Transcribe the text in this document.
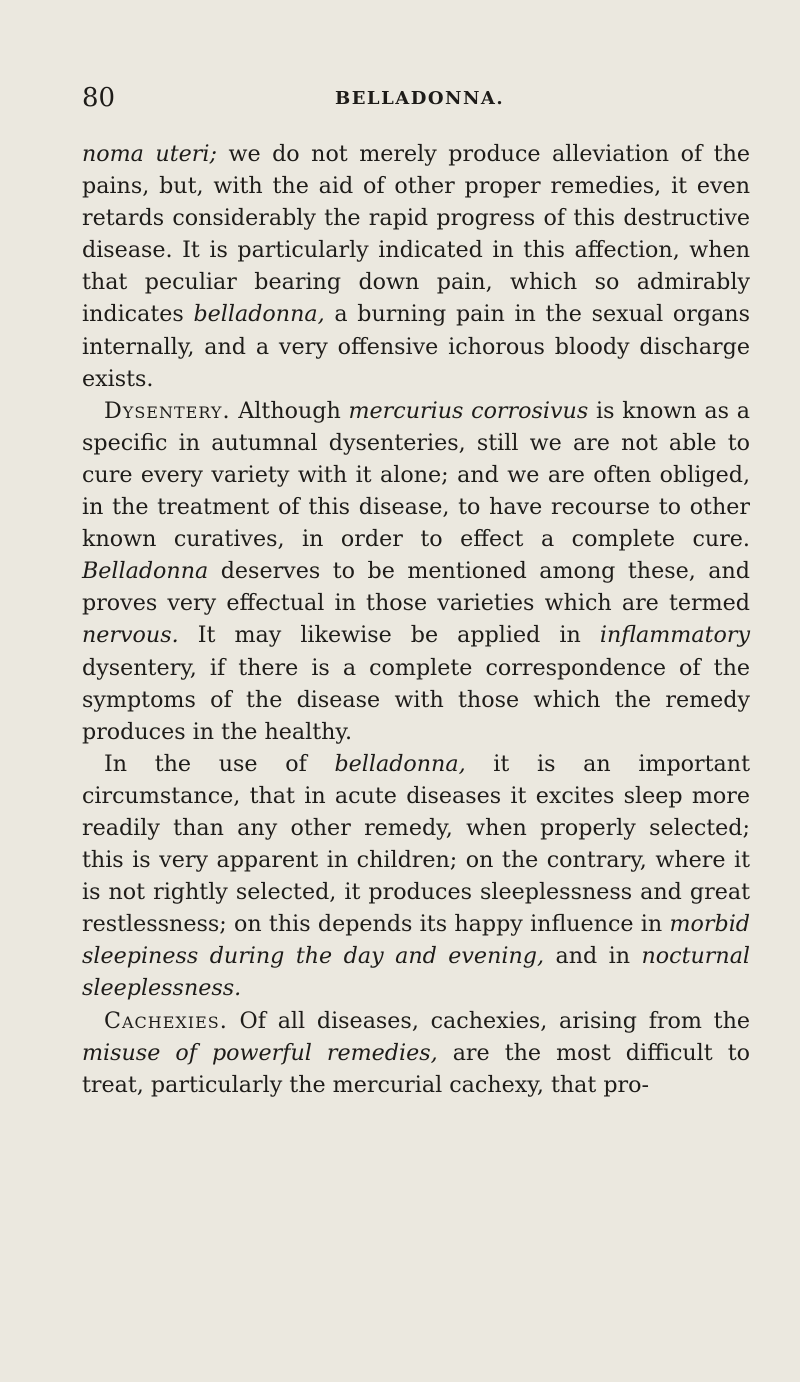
80	BELLADONNA.

noma uteri; we do not merely produce alleviation of the pains, but, with the aid of other proper remedies, it even retards considerably the rapid progress of this destructive disease. It is particularly indicated in this affection, when that peculiar bearing down pain, which so admirably indicates belladonna, a burning pain in the sexual organs internally, and a very offensive ichorous bloody discharge exists.

Dysentery. Although mercurius corrosivus is known as a specific in autumnal dysenteries, still we are not able to cure every variety with it alone; and we are often obliged, in the treatment of this disease, to have recourse to other known curatives, in order to effect a complete cure. Belladonna deserves to be mentioned among these, and proves very effectual in those varieties which are termed nervous. It may likewise be applied in inflammatory dysentery, if there is a complete correspondence of the symptoms of the disease with those which the remedy produces in the healthy.

In the use of belladonna, it is an important circumstance, that in acute diseases it excites sleep more readily than any other remedy, when properly selected; this is very apparent in children; on the contrary, where it is not rightly selected, it produces sleeplessness and great restlessness; on this depends its happy influence in morbid sleepiness during the day and evening, and in nocturnal sleeplessness.

Cachexies. Of all diseases, cachexies, arising from the misuse of powerful remedies, are the most difficult to treat, particularly the mercurial cachexy, that pro-
